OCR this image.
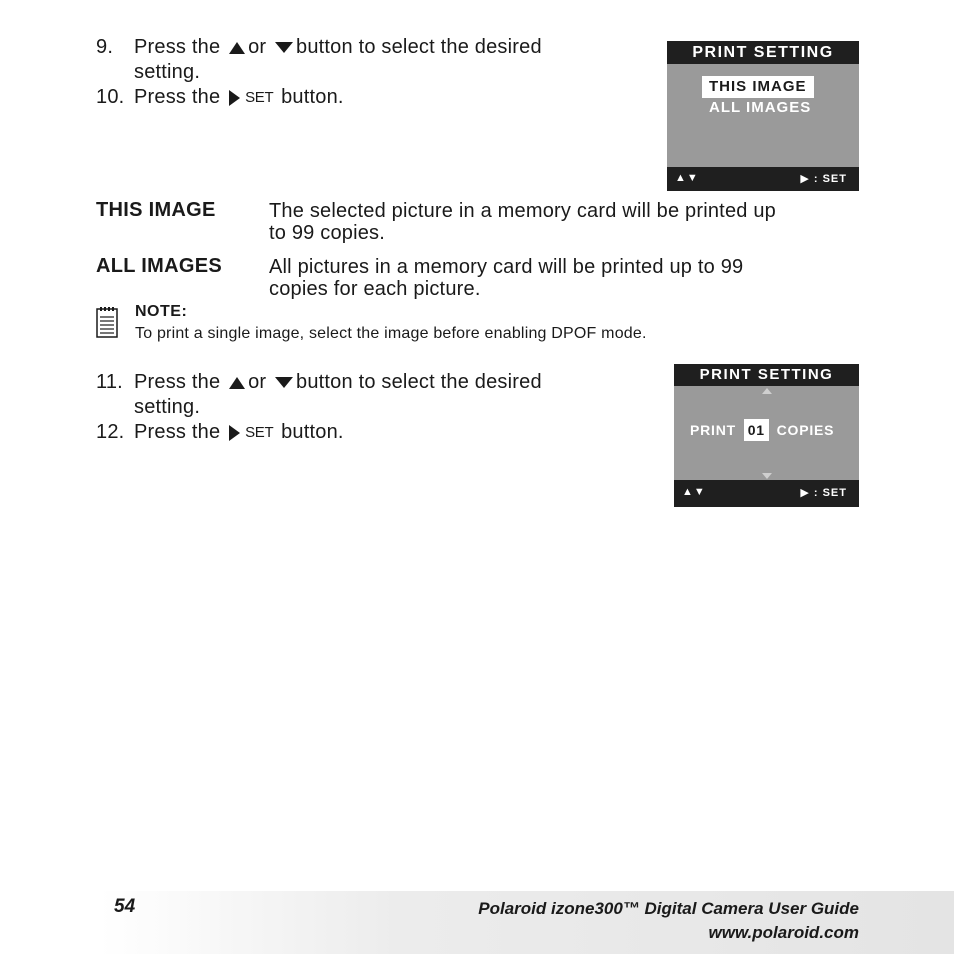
9. Press the or button to select the desired
setting.
10. Press the SET button.
PRINT SETTING
THIS IMAGE
ALL IMAGES
▲▼	▶ : SET
THIS IMAGE	The selected picture in a memory card will be printed up
to 99 copies.
ALL IMAGES All pictures in a memory card will be printed up to 99
copies for each picture.
NOTE:
To print a single image, select the image before enabling DPOF mode.
11. Press the or button to select the desired
setting.
12. Press the SET button.
PRINT SETTING
PRINT 01 COPIES
▲▼	▶ : SET
54	Polaroid izone300™ Digital Camera User Guide
www.polaroid.com
